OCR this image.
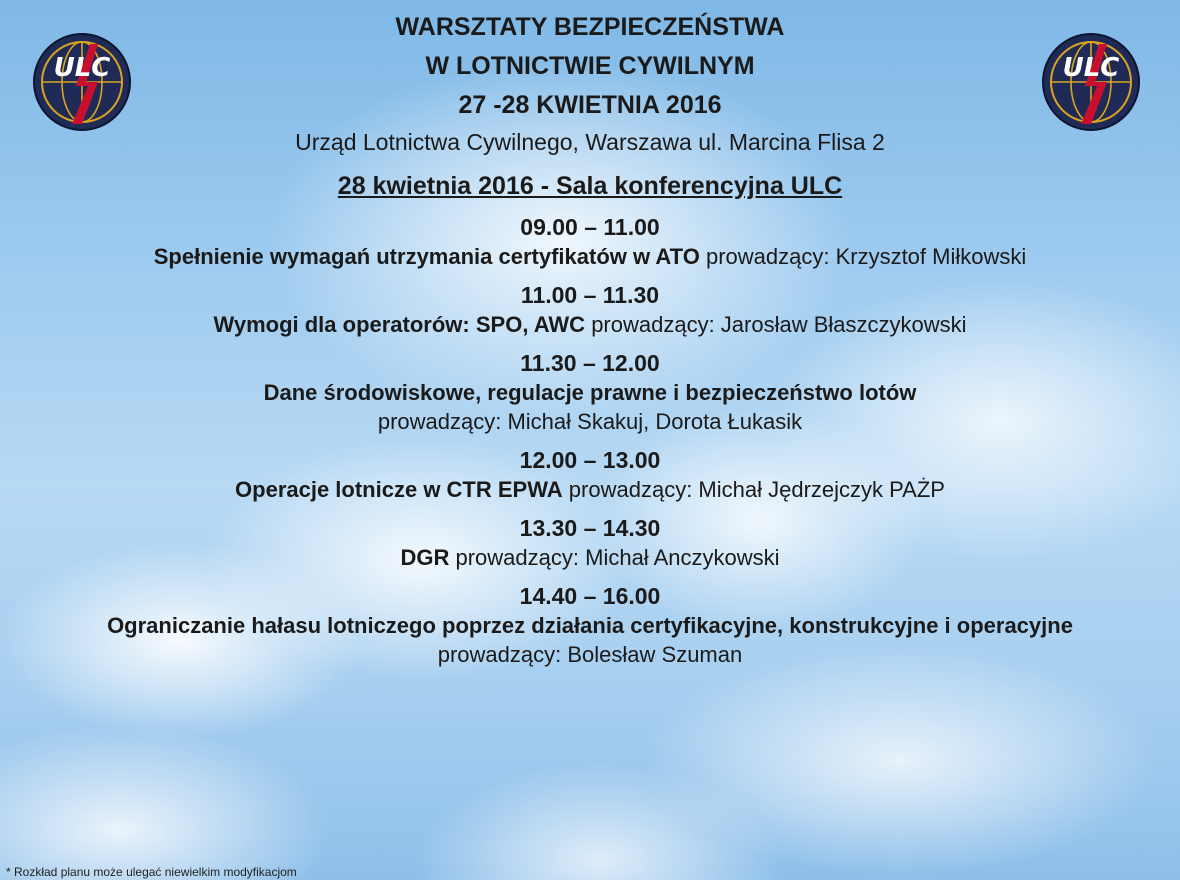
ULC	ULC
WARSZTATY BEZPIECZEŃSTWA
W LOTNICTWIE CYWILNYM
27 -28 KWIETNIA 2016
Urząd Lotnictwa Cywilnego, Warszawa ul. Marcina Flisa 2
28 kwietnia 2016 - Sala konferencyjna ULC
09.00 – 11.00
Spełnienie wymagań utrzymania certyfikatów w ATO prowadzący: Krzysztof Miłkowski
11.00 – 11.30
Wymogi dla operatorów: SPO, AWC prowadzący: Jarosław Błaszczykowski
11.30 – 12.00
Dane środowiskowe, regulacje prawne i bezpieczeństwo lotów
prowadzący: Michał Skakuj, Dorota Łukasik
12.00 – 13.00
Operacje lotnicze w CTR EPWA prowadzący: Michał Jędrzejczyk PAŻP
13.30 – 14.30
DGR prowadzący: Michał Anczykowski
14.40 – 16.00
Ograniczanie hałasu lotniczego poprzez działania certyfikacyjne, konstrukcyjne i operacyjne
prowadzący: Bolesław Szuman
* Rozkład planu może ulegać niewielkim modyfikacjom
